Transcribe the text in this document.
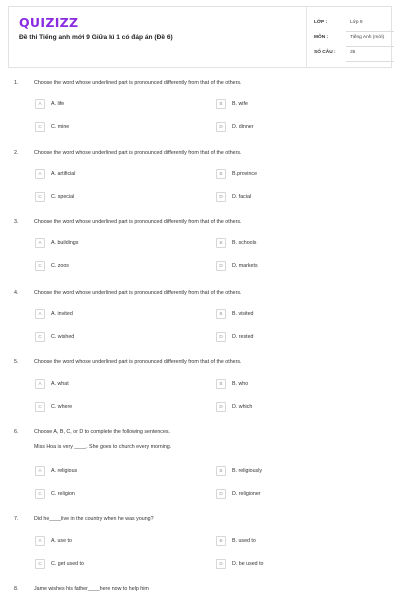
QUIZIZZ
Đề thi Tiếng anh mới 9 Giữa kì 1 có đáp án (Đề 6)
LỚP :	Lớp 9
MÔN :	Tiếng Anh (mới)
SỐ CÂU :	35
1.	Choose the word whose underlined part is pronounced differently from that of the others.
A	A. life	B	B. wife
C	C. mine	D	D. dinner
2.	Choose the word whose underlined part is pronounced differently from that of the others.
A	A. artificial	B	B.province
C	C. special	D	D. facial
3.	Choose the word whose underlined part is pronounced differently from that of the others.
A	A. buildings	B	B. schools
C	C. zoos	D	D. markets
4.	Choose the word whose underlined part is pronounced differently from that of the others.
A	A. invited	B	B. visited
C	C. wished	D	D. rested
5.	Choose the word whose underlined part is pronounced differently from that of the others.
A	A. what	B	B. who
C	C. where	D	D. which
6.	Choose A, B, C, or D to complete the following sentences.
Miss Hoa is very ____. She goes to church every morning.
A	A. religious	B	B. religiously
C	C. religion	D	D. religioner
7.	Did he____live in the country when he was young?
A	A. use to	B	B. used to
C	C. get used to	D	D. be used to
8.	Jame wishes his father____here now to help him
